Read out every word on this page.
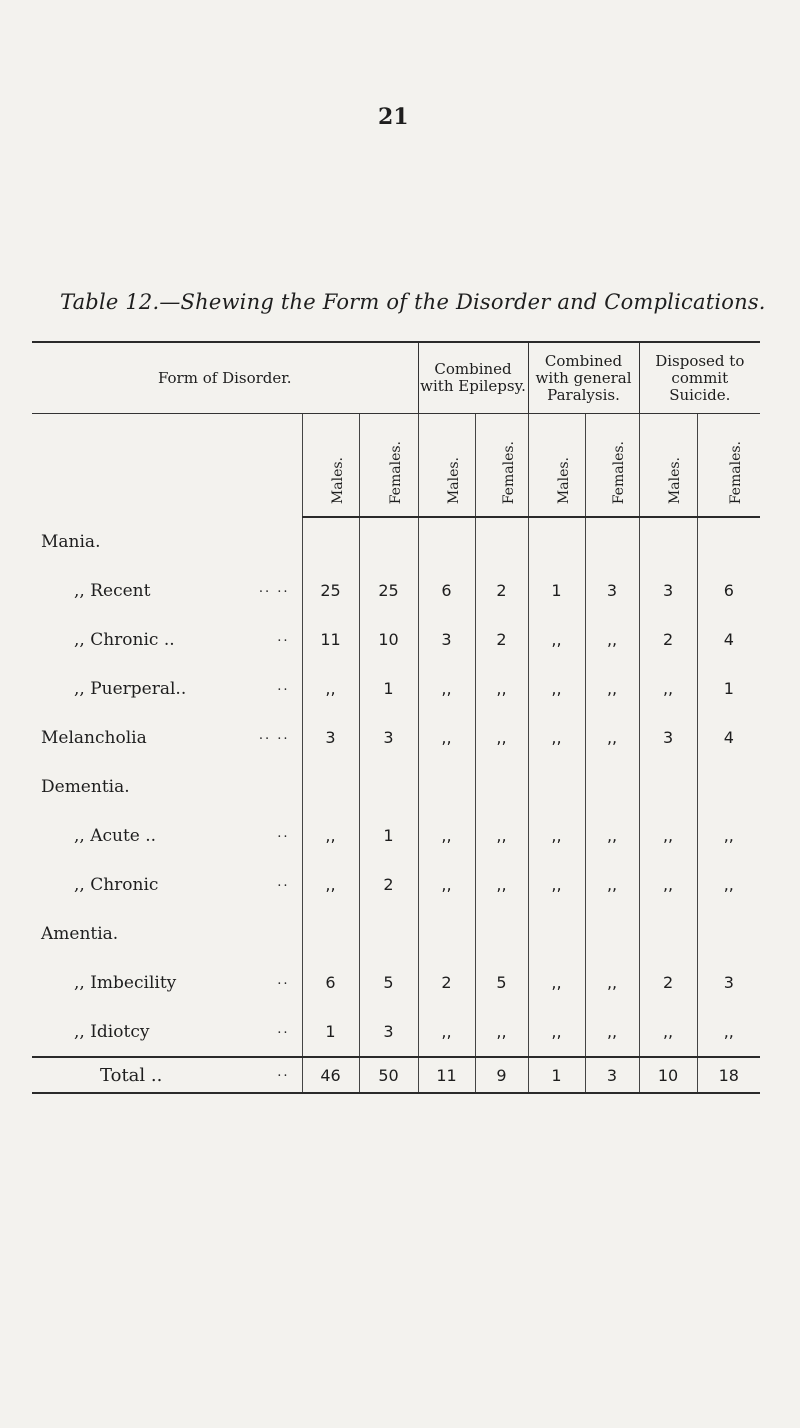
21
Table 12.—Shewing the Form of the Disorder and Complications.
Form of Disorder.			Combined with Epilepsy.		Combined with general Paralysis.		Disposed to commit Suicide.	
	Males.	Females.	Males.	Females.	Males.	Females.	Males.	Females.
Mania.								
,, Recent .. ..	25	25	6	2	1	3	3	6
,, Chronic .. ..	11	10	3	2	,,	,,	2	4
,, Puerperal.. ..	,,	1	,,	,,	,,	,,	,,	1
Melancholia .. ..	3	3	,,	,,	,,	,,	3	4
Dementia.								
,, Acute .. ..	,,	1	,,	,,	,,	,,	,,	,,
,, Chronic ..	,,	2	,,	,,	,,	,,	,,	,,
Amentia.								
,, Imbecility ..	6	5	2	5	,,	,,	2	3
,, Idiotcy ..	1	3	,,	,,	,,	,,	,,	,,
Total .. ..	46	50	11	9	1	3	10	18
